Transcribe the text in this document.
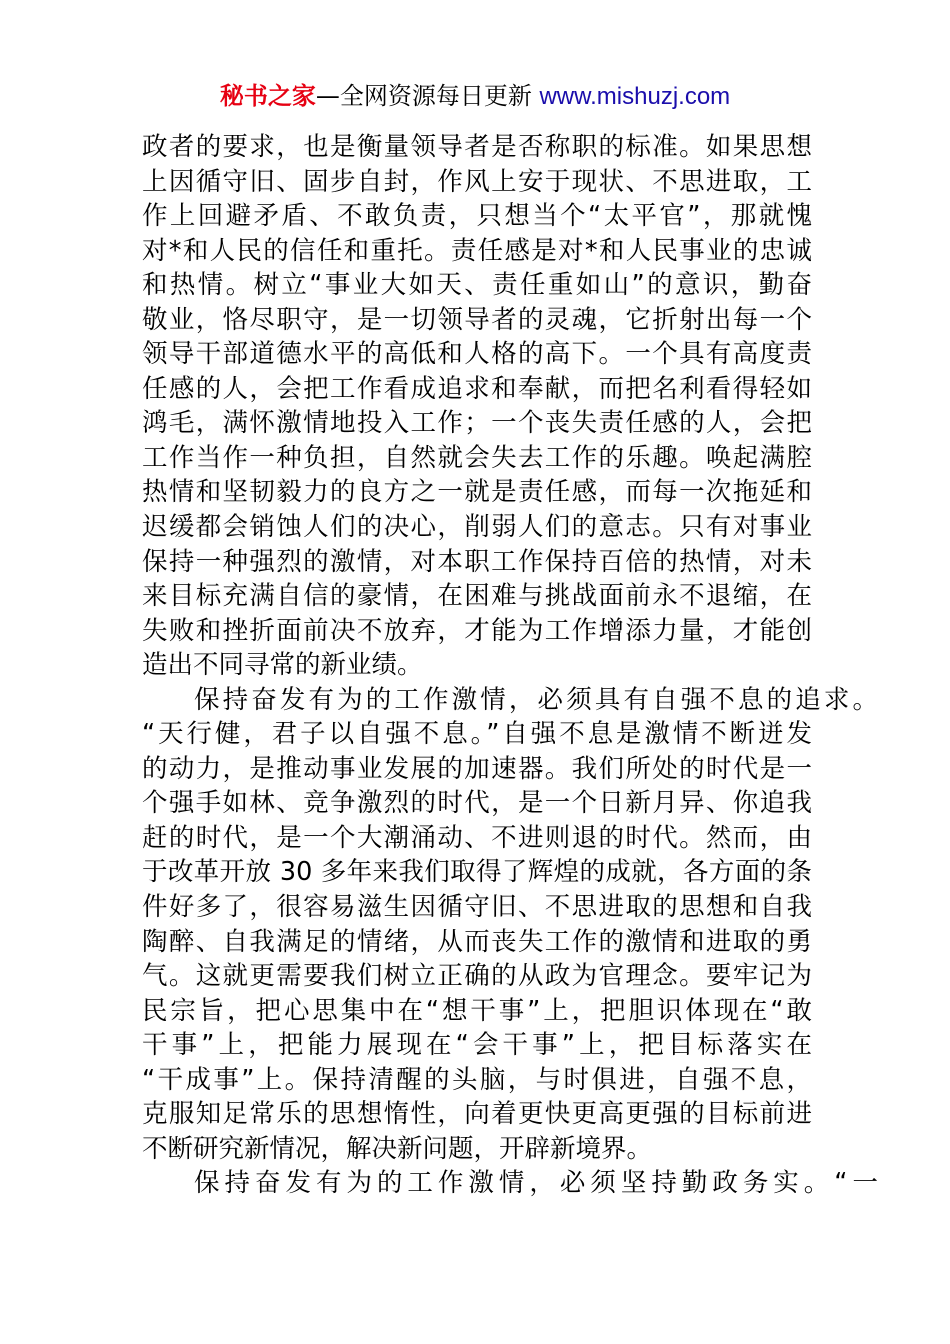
秘书之家—全网资源每日更新 www.mishuzj.com
政者的要求，也是衡量领导者是否称职的标准。如果思想
上因循守旧、固步自封，作风上安于现状、不思进取，工
作上回避矛盾、不敢负责，只想当个“太平官”，那就愧
对*和人民的信任和重托。责任感是对*和人民事业的忠诚
和热情。树立“事业大如天、责任重如山”的意识，勤奋
敬业，恪尽职守，是一切领导者的灵魂，它折射出每一个
领导干部道德水平的高低和人格的高下。一个具有高度责
任感的人，会把工作看成追求和奉献，而把名利看得轻如
鸿毛，满怀激情地投入工作；一个丧失责任感的人，会把
工作当作一种负担，自然就会失去工作的乐趣。唤起满腔
热情和坚韧毅力的良方之一就是责任感，而每一次拖延和
迟缓都会销蚀人们的决心，削弱人们的意志。只有对事业
保持一种强烈的激情，对本职工作保持百倍的热情，对未
来目标充满自信的豪情，在困难与挑战面前永不退缩，在
失败和挫折面前决不放弃，才能为工作增添力量，才能创
造出不同寻常的新业绩。
保持奋发有为的工作激情，必须具有自强不息的追求。
“天行健，君子以自强不息。”自强不息是激情不断迸发
的动力，是推动事业发展的加速器。我们所处的时代是一
个强手如林、竞争激烈的时代，是一个日新月异、你追我
赶的时代，是一个大潮涌动、不进则退的时代。然而，由
于改革开放 30 多年来我们取得了辉煌的成就，各方面的条
件好多了，很容易滋生因循守旧、不思进取的思想和自我
陶醉、自我满足的情绪，从而丧失工作的激情和进取的勇
气。这就更需要我们树立正确的从政为官理念。要牢记为
民宗旨，把心思集中在“想干事”上，把胆识体现在“敢
干事”上，把能力展现在“会干事”上，把目标落实在
“干成事”上。保持清醒的头脑，与时俱进，自强不息，
克服知足常乐的思想惰性，向着更快更高更强的目标前进
不断研究新情况，解决新问题，开辟新境界。
保持奋发有为的工作激情，必须坚持勤政务实。“一
